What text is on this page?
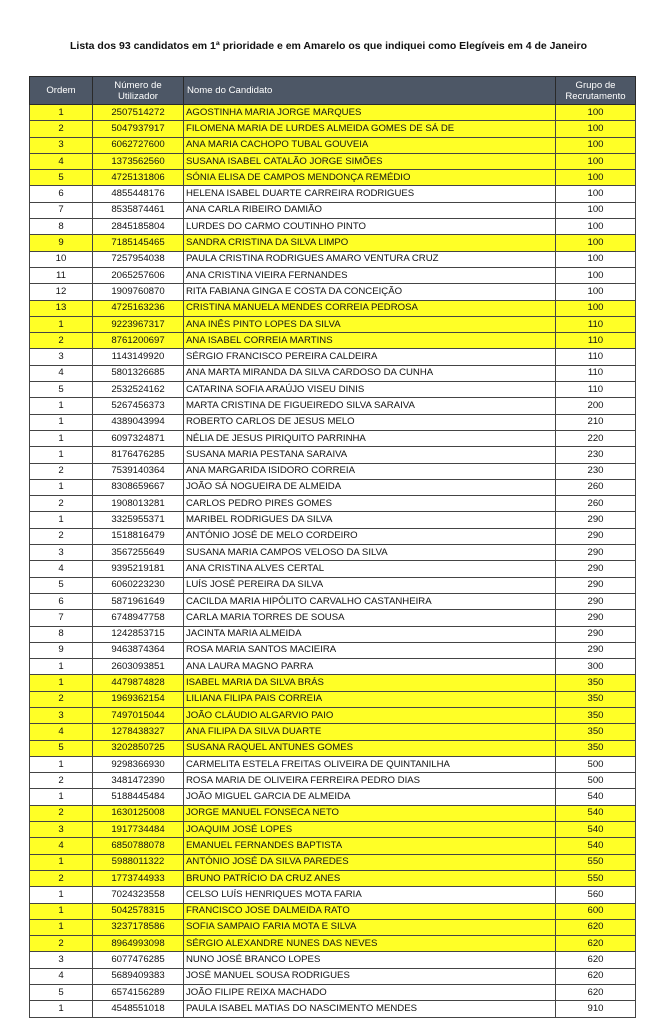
Lista dos 93 candidatos em 1ª prioridade e em Amarelo os que indiquei como Elegíveis em 4 de Janeiro
Ordem	Número de Utilizador	Nome do Candidato	Grupo de Recrutamento
1	2507514272	AGOSTINHA MARIA JORGE MARQUES	100
2	5047937917	FILOMENA MARIA DE LURDES ALMEIDA GOMES DE SÁ DE	100
3	6062727600	ANA MARIA CACHOPO TUBAL GOUVEIA	100
4	1373562560	SUSANA ISABEL CATALÃO JORGE SIMÕES	100
5	4725131806	SÓNIA ELISA DE CAMPOS MENDONÇA REMÉDIO	100
6	4855448176	HELENA ISABEL DUARTE CARREIRA RODRIGUES	100
7	8535874461	ANA CARLA RIBEIRO DAMIÃO	100
8	2845185804	LURDES DO CARMO COUTINHO PINTO	100
9	7185145465	SANDRA CRISTINA DA SILVA LIMPO	100
10	7257954038	PAULA CRISTINA RODRIGUES AMARO VENTURA CRUZ	100
11	2065257606	ANA CRISTINA VIEIRA FERNANDES	100
12	1909760870	RITA FABIANA GINGA E COSTA DA CONCEIÇÃO	100
13	4725163236	CRISTINA MANUELA MENDES CORREIA PEDROSA	100
1	9223967317	ANA INÊS PINTO LOPES DA SILVA	110
2	8761200697	ANA ISABEL CORREIA MARTINS	110
3	1143149920	SÉRGIO FRANCISCO PEREIRA CALDEIRA	110
4	5801326685	ANA MARTA MIRANDA DA SILVA CARDOSO DA CUNHA	110
5	2532524162	CATARINA SOFIA ARAÚJO VISEU DINIS	110
1	5267456373	MARTA CRISTINA DE FIGUEIREDO SILVA SARAIVA	200
1	4389043994	ROBERTO CARLOS DE JESUS MELO	210
1	6097324871	NÉLIA DE JESUS PIRIQUITO PARRINHA	220
1	8176476285	SUSANA MARIA PESTANA SARAIVA	230
2	7539140364	ANA MARGARIDA ISIDORO CORREIA	230
1	8308659667	JOÃO SÁ NOGUEIRA DE ALMEIDA	260
2	1908013281	CARLOS PEDRO PIRES GOMES	260
1	3325955371	MARIBEL RODRIGUES DA SILVA	290
2	1518816479	ANTÓNIO JOSÉ DE MELO CORDEIRO	290
3	3567255649	SUSANA MARIA CAMPOS VELOSO DA SILVA	290
4	9395219181	ANA CRISTINA ALVES CERTAL	290
5	6060223230	LUÍS JOSÉ PEREIRA DA SILVA	290
6	5871961649	CACILDA MARIA HIPÓLITO CARVALHO CASTANHEIRA	290
7	6748947758	CARLA MARIA TORRES DE SOUSA	290
8	1242853715	JACINTA MARIA ALMEIDA	290
9	9463874364	ROSA MARIA SANTOS MACIEIRA	290
1	2603093851	ANA LAURA MAGNO PARRA	300
1	4479874828	ISABEL MARIA DA SILVA BRÁS	350
2	1969362154	LILIANA FILIPA PAIS CORREIA	350
3	7497015044	JOÃO CLÁUDIO ALGARVIO PAIO	350
4	1278438327	ANA FILIPA DA SILVA DUARTE	350
5	3202850725	SUSANA RAQUEL ANTUNES GOMES	350
1	9298366930	CARMELITA ESTELA FREITAS OLIVEIRA DE QUINTANILHA	500
2	3481472390	ROSA MARIA DE OLIVEIRA FERREIRA PEDRO DIAS	500
1	5188445484	JOÃO MIGUEL GARCIA DE ALMEIDA	540
2	1630125008	JORGE MANUEL FONSECA NETO	540
3	1917734484	JOAQUIM JOSÉ LOPES	540
4	6850788078	EMANUEL FERNANDES BAPTISTA	540
1	5988011322	ANTÓNIO JOSÉ DA SILVA PAREDES	550
2	1773744933	BRUNO PATRÍCIO DA CRUZ ANES	550
1	7024323558	CELSO LUÍS HENRIQUES MOTA FARIA	560
1	5042578315	FRANCISCO JOSE DALMEIDA RATO	600
1	3237178586	SOFIA SAMPAIO FARIA MOTA E SILVA	620
2	8964993098	SÉRGIO ALEXANDRE NUNES DAS NEVES	620
3	6077476285	NUNO JOSÉ BRANCO LOPES	620
4	5689409383	JOSÉ MANUEL SOUSA RODRIGUES	620
5	6574156289	JOÃO FILIPE REIXA MACHADO	620
1	4548551018	PAULA ISABEL MATIAS DO NASCIMENTO MENDES	910
